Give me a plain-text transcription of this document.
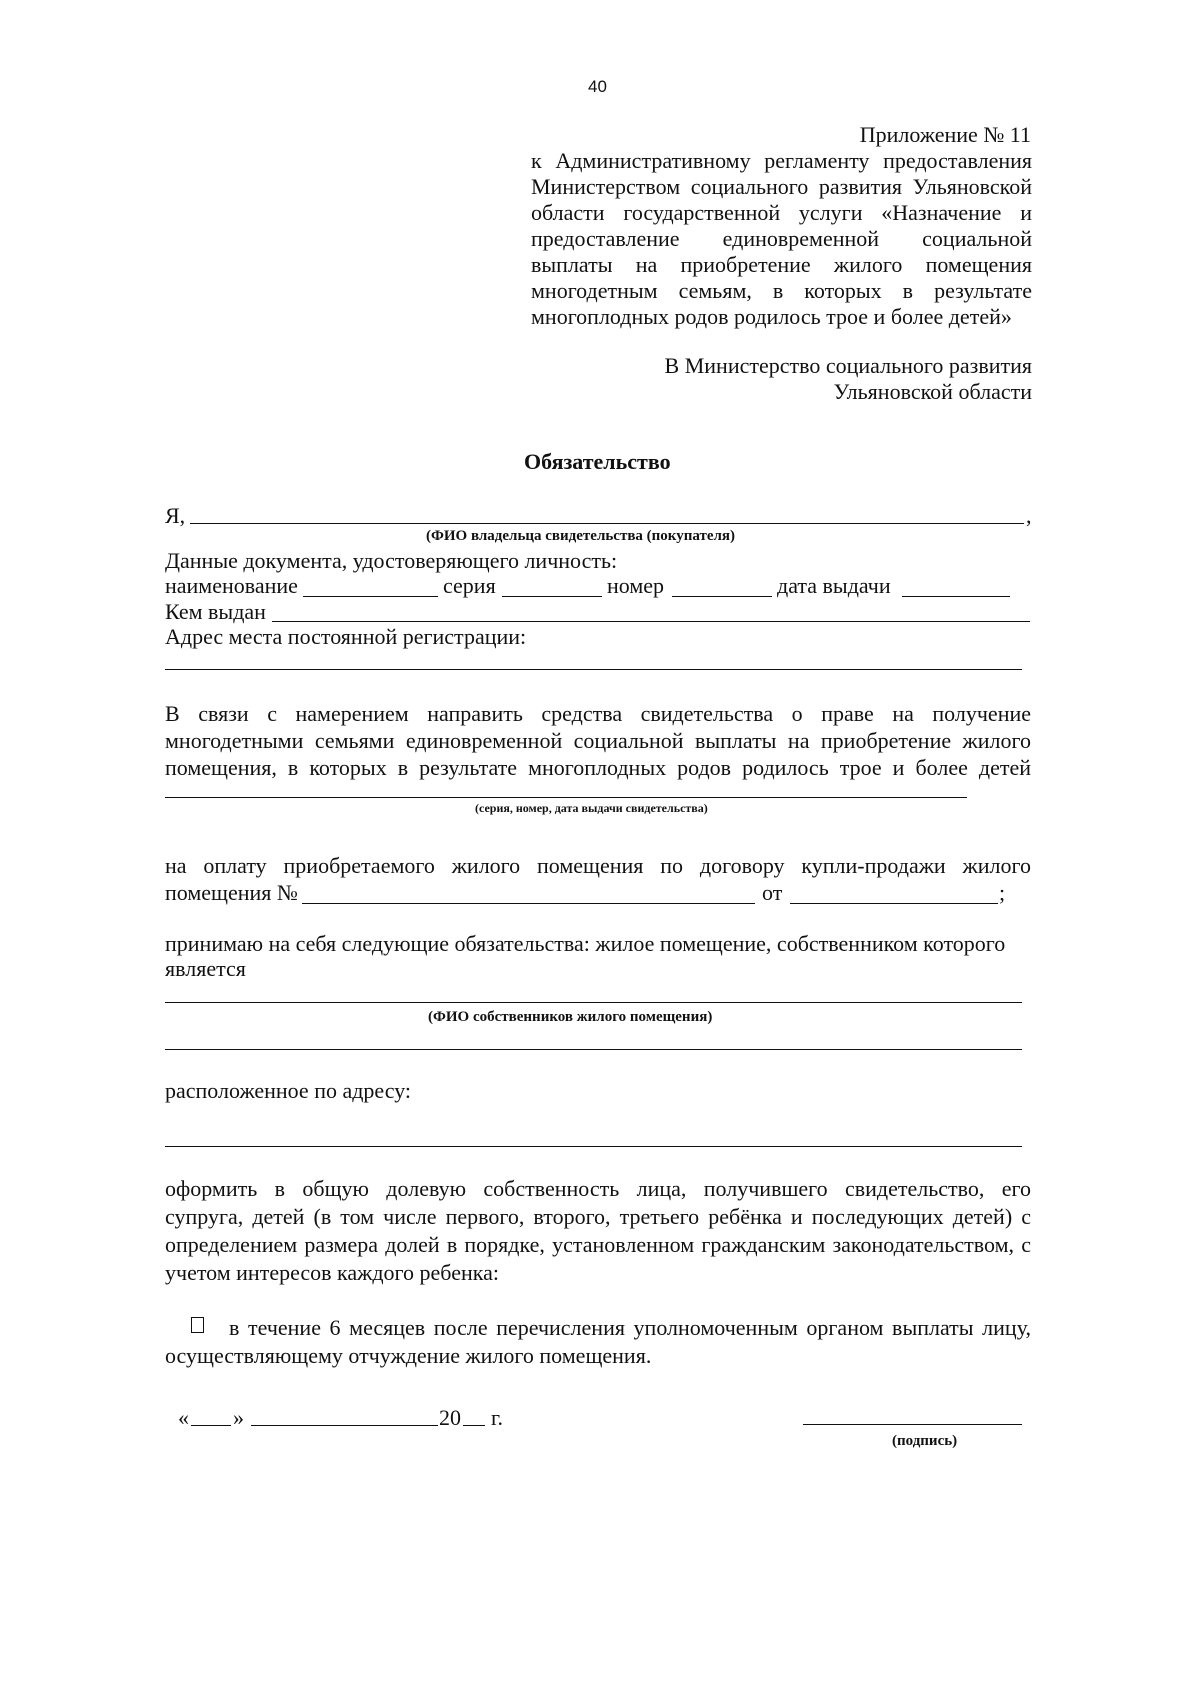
40
Приложение № 11
к Административному регламенту предоставления
Министерством социального развития Ульяновской
области государственной услуги «Назначение и
предоставление единовременной социальной
выплаты на приобретение жилого помещения
многодетным семьям, в которых в результате
многоплодных родов родилось трое и более детей»
В Министерство социального развития
Ульяновской области
Обязательство
Я,	,
(ФИО владельца свидетельства (покупателя)
Данные документа, удостоверяющего личность:
наименование	серия	номер	дата выдачи
Кем выдан
Адрес места постоянной регистрации:
В связи с намерением направить средства свидетельства о праве на получение
многодетными семьями единовременной социальной выплаты на приобретение жилого
помещения, в которых в результате многоплодных родов родилось трое и более детей
(серия, номер, дата выдачи свидетельства)
на оплату приобретаемого жилого помещения по договору купли-продажи жилого
помещения №	от	;
принимаю на себя следующие обязательства: жилое помещение, собственником которого
является
(ФИО собственников жилого помещения)
расположенное по адресу:
оформить в общую долевую собственность лица, получившего свидетельство, его
супруга, детей (в том числе первого, второго, третьего ребёнка и последующих детей) с
определением размера долей в порядке, установленном гражданским законодательством, с
учетом интересов каждого ребенка:
в течение 6 месяцев после перечисления уполномоченным органом выплаты лицу,
осуществляющему отчуждение жилого помещения.
« »	20 г.
(подпись)
